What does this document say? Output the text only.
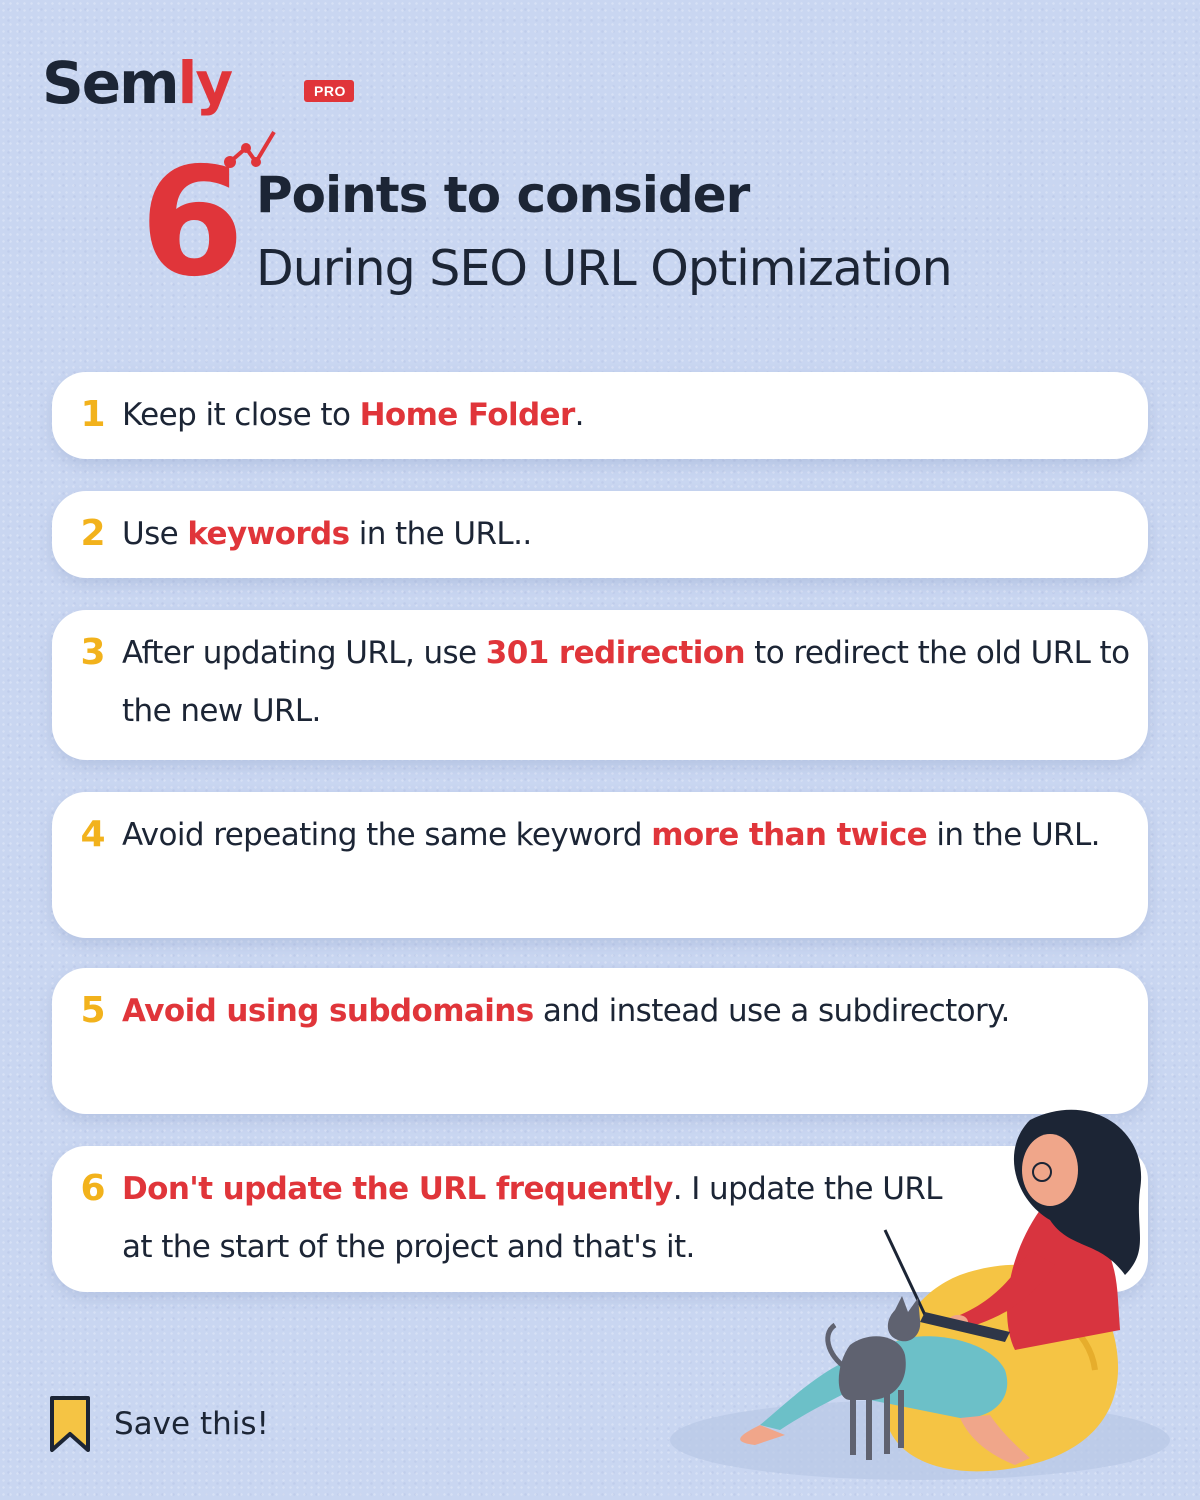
Semly	PRO
6 Points to consider
During SEO URL Optimization
1 Keep it close to Home Folder.
2 Use keywords in the URL..
3 After updating URL, use 301 redirection to redirect the old URL to the new URL.
4 Avoid repeating the same keyword more than twice in the URL.
5 Avoid using subdomains and instead use a subdirectory.
6 Don't update the URL frequently. I update the URL at the start of the project and that's it.
Save this!
